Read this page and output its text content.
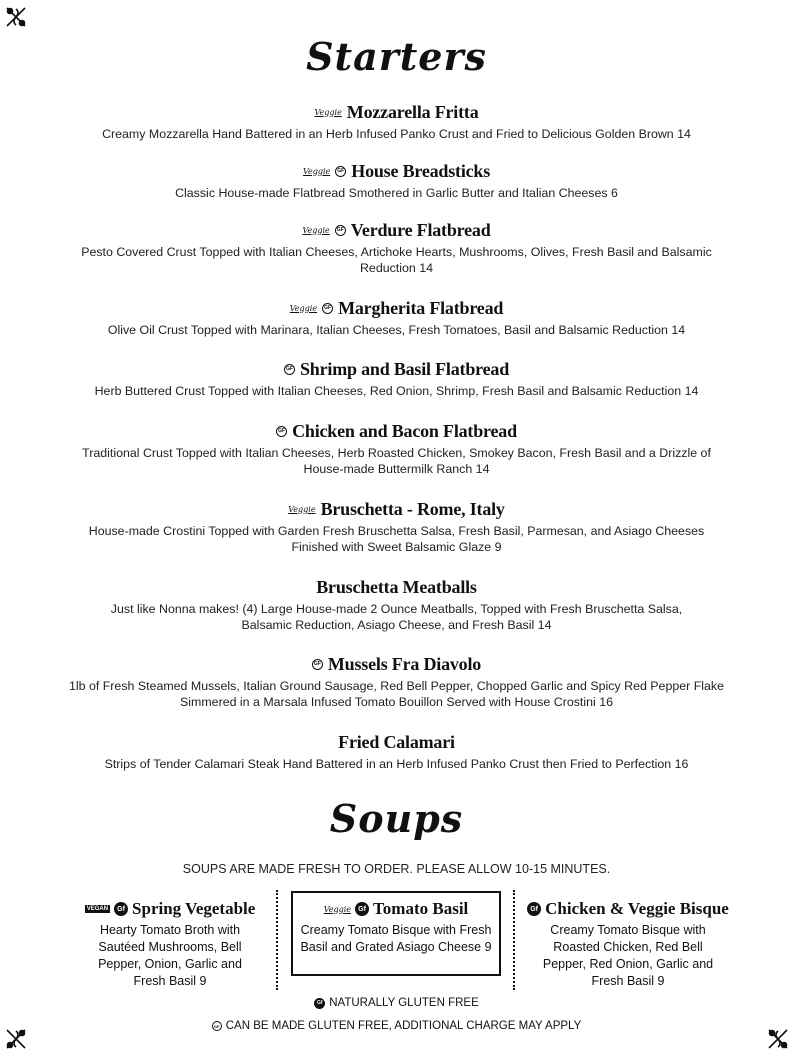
Starters
Veggie Mozzarella Fritta
Creamy Mozzarella Hand Battered in an Herb Infused Panko Crust and Fried to Delicious Golden Brown 14
Veggie	GF House Breadsticks
Classic House-made Flatbread Smothered in Garlic Butter and Italian Cheeses 6
Veggie	GF Verdure Flatbread
Pesto Covered Crust Topped with Italian Cheeses, Artichoke Hearts, Mushrooms, Olives, Fresh Basil and Balsamic Reduction 14
Veggie	GF Margherita Flatbread
Olive Oil Crust Topped with Marinara, Italian Cheeses, Fresh Tomatoes, Basil and Balsamic Reduction 14
GF Shrimp and Basil Flatbread
Herb Buttered Crust Topped with Italian Cheeses, Red Onion, Shrimp, Fresh Basil and Balsamic Reduction 14
GF Chicken and Bacon Flatbread
Traditional Crust Topped with Italian Cheeses, Herb Roasted Chicken, Smokey Bacon, Fresh Basil and a Drizzle of House-made Buttermilk Ranch 14
Veggie Bruschetta - Rome, Italy
House-made Crostini Topped with Garden Fresh Bruschetta Salsa, Fresh Basil, Parmesan, and Asiago Cheeses Finished with Sweet Balsamic Glaze 9
Bruschetta Meatballs
Just like Nonna makes! (4) Large House-made 2 Ounce Meatballs, Topped with Fresh Bruschetta Salsa, Balsamic Reduction, Asiago Cheese, and Fresh Basil 14
GF Mussels Fra Diavolo
1lb of Fresh Steamed Mussels, Italian Ground Sausage, Red Bell Pepper, Chopped Garlic and Spicy Red Pepper Flake Simmered in a Marsala Infused Tomato Bouillon Served with House Crostini 16
Fried Calamari
Strips of Tender Calamari Steak Hand Battered in an Herb Infused Panko Crust then Fried to Perfection 16
Soups
SOUPS ARE MADE FRESH TO ORDER. PLEASE ALLOW 10-15 MINUTES.
VEGAN	Gf Spring Vegetable
Hearty Tomato Broth with Sautéed Mushrooms, Bell Pepper, Onion, Garlic and Fresh Basil 9
Veggie	Gf Tomato Basil
Creamy Tomato Bisque with Fresh Basil and Grated Asiago Cheese 9
Gf Chicken & Veggie Bisque
Creamy Tomato Bisque with Roasted Chicken, Red Bell Pepper, Red Onion, Garlic and Fresh Basil 9
Gf NATURALLY GLUTEN FREE
GF CAN BE MADE GLUTEN FREE, ADDITIONAL CHARGE MAY APPLY
